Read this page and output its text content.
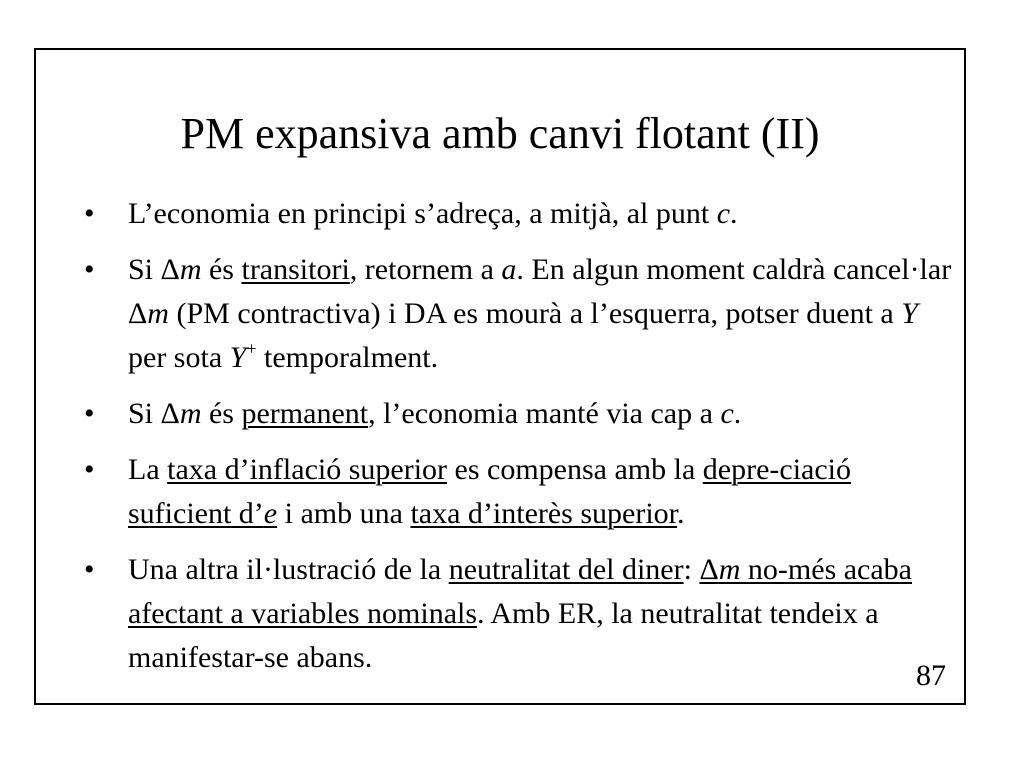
PM expansiva amb canvi flotant (II)
• L’economia en principi s’adreça, a mitjà, al punt c.
• Si Δm és transitori, retornem a a. En algun moment caldrà cancel·lar Δm (PM contractiva) i DA es mourà a l’esquerra, potser duent a Y per sota Y+ temporalment.
• Si Δm és permanent, l’economia manté via cap a c.
• La taxa d’inflació superior es compensa amb la depre-ciació suficient d’e i amb una taxa d’interès superior.
• Una altra il·lustració de la neutralitat del diner: Δm no-més acaba afectant a variables nominals. Amb ER, la neutralitat tendeix a manifestar-se abans.
87
